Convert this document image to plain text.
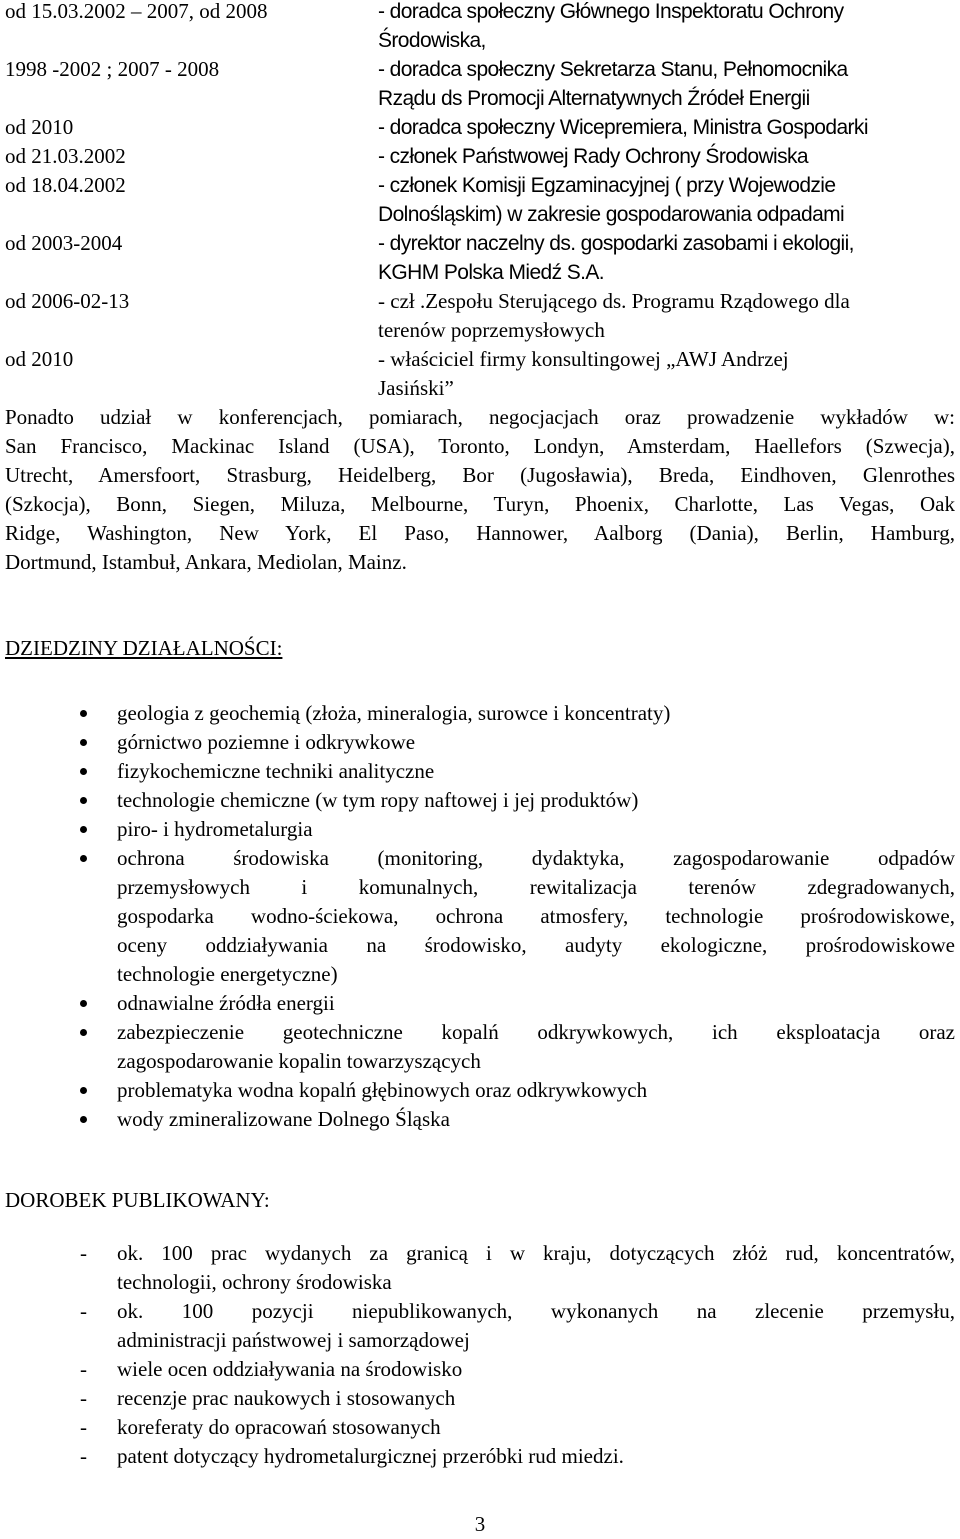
od 15.03.2002 – 2007, od 2008	- doradca społeczny Głównego Inspektoratu Ochrony
Środowiska,
1998 -2002 ; 2007 - 2008	- doradca społeczny Sekretarza Stanu, Pełnomocnika
Rządu ds Promocji Alternatywnych Źródeł Energii
od 2010	- doradca społeczny Wicepremiera, Ministra Gospodarki
od 21.03.2002	- członek Państwowej Rady Ochrony Środowiska
od 18.04.2002	- członek Komisji Egzaminacyjnej ( przy Wojewodzie
Dolnośląskim) w zakresie gospodarowania odpadami
od 2003-2004	- dyrektor naczelny ds. gospodarki zasobami i ekologii,
KGHM Polska Miedź S.A.
od 2006-02-13	- czł .Zespołu Sterującego ds. Programu Rządowego dla
terenów poprzemysłowych
od 2010	- właściciel firmy konsultingowej „AWJ Andrzej
Jasiński”
Ponadto udział w konferencjach, pomiarach, negocjacjach oraz prowadzenie wykładów w:
San Francisco, Mackinac Island (USA), Toronto, Londyn, Amsterdam, Haellefors (Szwecja),
Utrecht, Amersfoort, Strasburg, Heidelberg, Bor (Jugosławia), Breda, Eindhoven, Glenrothes
(Szkocja), Bonn, Siegen, Miluza, Melbourne, Turyn, Phoenix, Charlotte, Las Vegas, Oak
Ridge, Washington, New York, El Paso, Hannower, Aalborg (Dania), Berlin, Hamburg,
Dortmund, Istambuł, Ankara, Mediolan, Mainz.
DZIEDZINY DZIAŁALNOŚCI:
geologia z geochemią (złoża, mineralogia, surowce i koncentraty)
górnictwo poziemne i odkrywkowe
fizykochemiczne techniki analityczne
technologie chemiczne (w tym ropy naftowej i jej produktów)
piro- i hydrometalurgia
ochrona środowiska (monitoring, dydaktyka, zagospodarowanie odpadów
przemysłowych i komunalnych, rewitalizacja terenów zdegradowanych,
gospodarka wodno-ściekowa, ochrona atmosfery, technologie prośrodowiskowe,
oceny oddziaływania na środowisko, audyty ekologiczne, prośrodowiskowe
technologie energetyczne)
odnawialne źródła energii
zabezpieczenie geotechniczne kopalń odkrywkowych, ich eksploatacja oraz
zagospodarowanie kopalin towarzyszących
problematyka wodna kopalń głębinowych oraz odkrywkowych
wody zmineralizowane Dolnego Śląska
DOROBEK PUBLIKOWANY:
- ok. 100 prac wydanych za granicą i w kraju, dotyczących złóż rud, koncentratów,
technologii, ochrony środowiska
- ok. 100 pozycji niepublikowanych, wykonanych na zlecenie przemysłu,
administracji państwowej i samorządowej
- wiele ocen oddziaływania na środowisko
- recenzje prac naukowych i stosowanych
- koreferaty do opracowań stosowanych
- patent dotyczący hydrometalurgicznej przeróbki rud miedzi.
3
